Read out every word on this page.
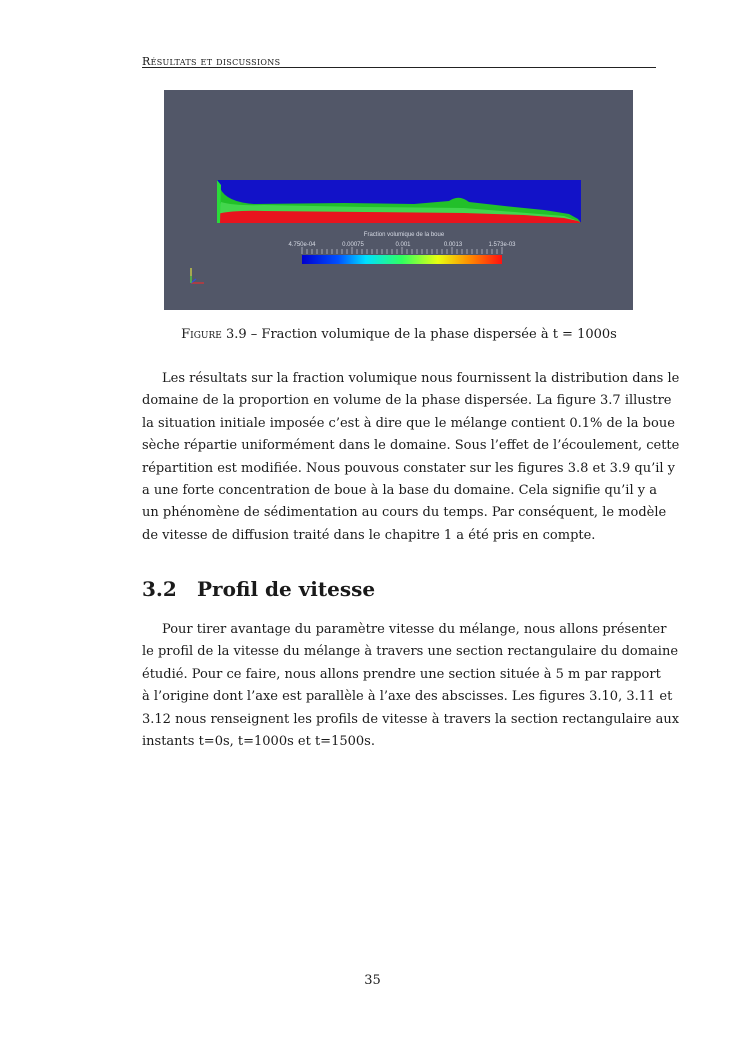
Résultats et discussions
Fraction volumique de la boue
4.750e-04	0.00075	0.001	0.0013	1.573e-03
Figure 3.9 – Fraction volumique de la phase dispersée à t = 1000s
Les résultats sur la fraction volumique nous fournissent la distribution dans le
domaine de la proportion en volume de la phase dispersée. La figure 3.7 illustre
la situation initiale imposée c’est à dire que le mélange contient 0.1% de la boue
sèche répartie uniformément dans le domaine. Sous l’effet de l’écoulement, cette
répartition est modifiée. Nous pouvous constater sur les figures 3.8 et 3.9 qu’il y
a une forte concentration de boue à la base du domaine. Cela signifie qu’il y a
un phénomène de sédimentation au cours du temps. Par conséquent, le modèle
de vitesse de diffusion traité dans le chapitre 1 a été pris en compte.
3.2 Profil de vitesse
Pour tirer avantage du paramètre vitesse du mélange, nous allons présenter
le profil de la vitesse du mélange à travers une section rectangulaire du domaine
étudié. Pour ce faire, nous allons prendre une section située à 5 m par rapport
à l’origine dont l’axe est parallèle à l’axe des abscisses. Les figures 3.10, 3.11 et
3.12 nous renseignent les profils de vitesse à travers la section rectangulaire aux
instants t=0s, t=1000s et t=1500s.
35
